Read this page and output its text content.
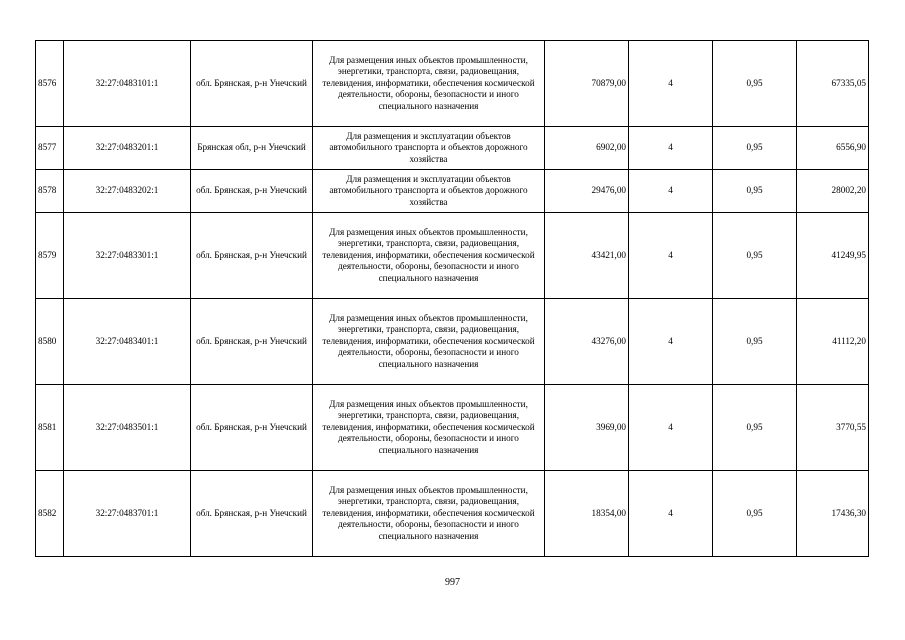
8576	32:27:0483101:1	обл. Брянская, р-н Унечский	Для размещения иных объектов промышленности, энергетики, транспорта, связи, радиовещания, телевидения, информатики, обеспечения космической деятельности, обороны, безопасности и иного специального назначения	70879,00	4	0,95	67335,05
8577	32:27:0483201:1	Брянская обл, р-н Унечский	Для размещения и эксплуатации объектов автомобильного транспорта и объектов дорожного хозяйства	6902,00	4	0,95	6556,90
8578	32:27:0483202:1	обл. Брянская, р-н Унечский	Для размещения и эксплуатации объектов автомобильного транспорта и объектов дорожного хозяйства	29476,00	4	0,95	28002,20
8579	32:27:0483301:1	обл. Брянская, р-н Унечский	Для размещения иных объектов промышленности, энергетики, транспорта, связи, радиовещания, телевидения, информатики, обеспечения космической деятельности, обороны, безопасности и иного специального назначения	43421,00	4	0,95	41249,95
8580	32:27:0483401:1	обл. Брянская, р-н Унечский	Для размещения иных объектов промышленности, энергетики, транспорта, связи, радиовещания, телевидения, информатики, обеспечения космической деятельности, обороны, безопасности и иного специального назначения	43276,00	4	0,95	41112,20
8581	32:27:0483501:1	обл. Брянская, р-н Унечский	Для размещения иных объектов промышленности, энергетики, транспорта, связи, радиовещания, телевидения, информатики, обеспечения космической деятельности, обороны, безопасности и иного специального назначения	3969,00	4	0,95	3770,55
8582	32:27:0483701:1	обл. Брянская, р-н Унечский	Для размещения иных объектов промышленности, энергетики, транспорта, связи, радиовещания, телевидения, информатики, обеспечения космической деятельности, обороны, безопасности и иного специального назначения	18354,00	4	0,95	17436,30
997
